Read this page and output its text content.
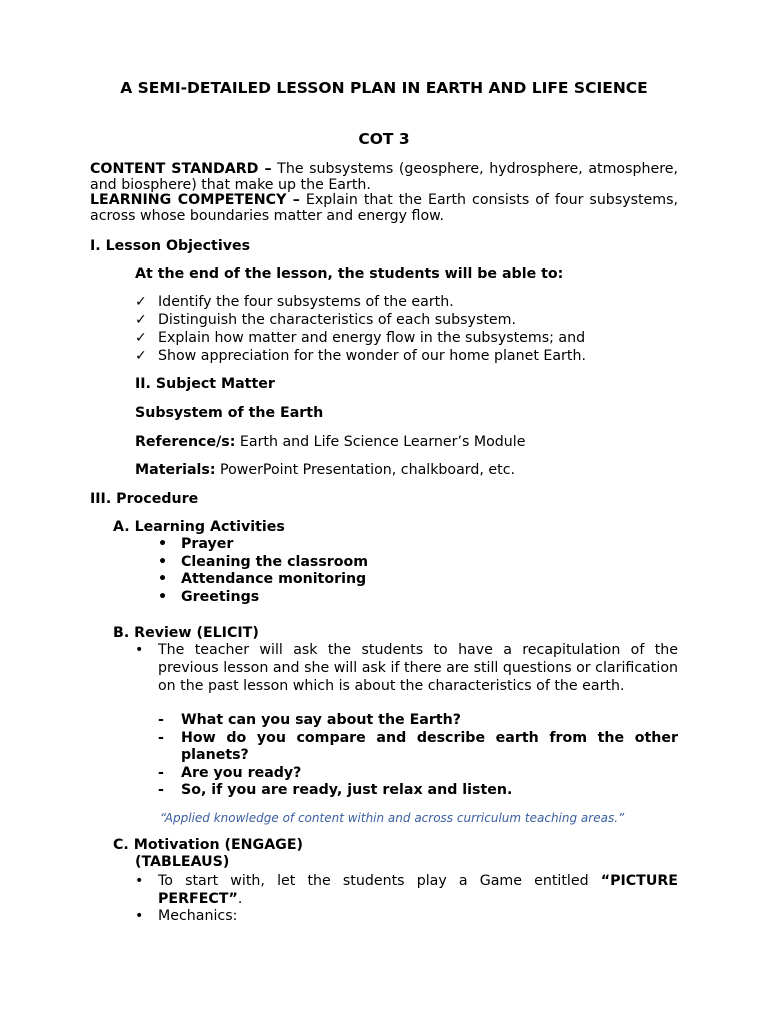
A SEMI-DETAILED LESSON PLAN IN EARTH AND LIFE SCIENCE
COT 3
CONTENT STANDARD – The subsystems (geosphere, hydrosphere, atmosphere, and biosphere) that make up the Earth.
LEARNING COMPETENCY – Explain that the Earth consists of four subsystems, across whose boundaries matter and energy flow.
I. Lesson Objectives
At the end of the lesson, the students will be able to:
✓ Identify the four subsystems of the earth.
✓ Distinguish the characteristics of each subsystem.
✓ Explain how matter and energy flow in the subsystems; and
✓ Show appreciation for the wonder of our home planet Earth.
II. Subject Matter
Subsystem of the Earth
Reference/s: Earth and Life Science Learner’s Module
Materials: PowerPoint Presentation, chalkboard, etc.
III. Procedure
A. Learning Activities
• Prayer
• Cleaning the classroom
• Attendance monitoring
• Greetings
B. Review (ELICIT)
• The teacher will ask the students to have a recapitulation of the previous lesson and she will ask if there are still questions or clarification on the past lesson which is about the characteristics of the earth.
- What can you say about the Earth?
- How do you compare and describe earth from the other planets?
- Are you ready?
- So, if you are ready, just relax and listen.
“Applied knowledge of content within and across curriculum teaching areas.”
C. Motivation (ENGAGE)
(TABLEAUS)
• To start with, let the students play a Game entitled “PICTURE PERFECT”.
• Mechanics:
